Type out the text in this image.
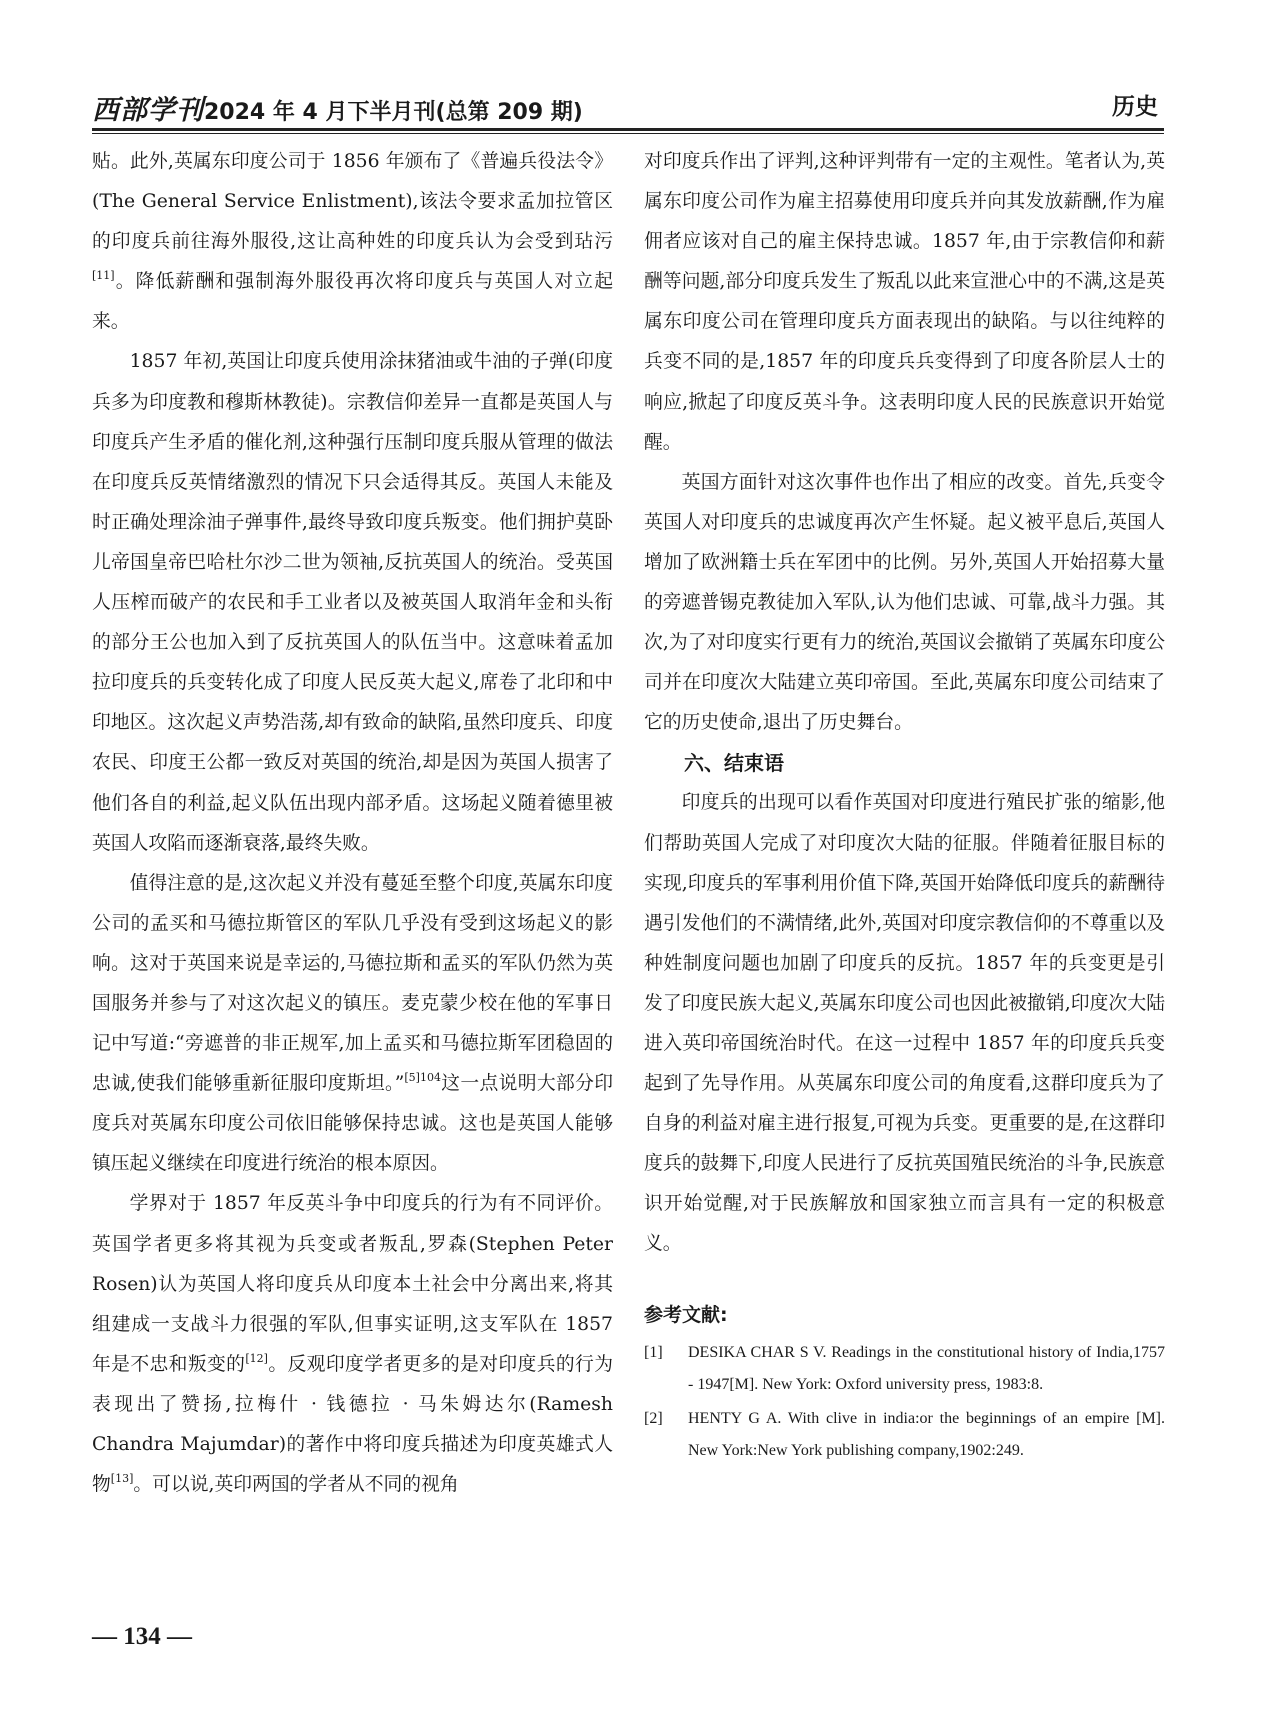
西部学刊 2024 年 4 月下半月刊(总第 209 期)	历史

贴。此外,英属东印度公司于 1856 年颁布了《普遍兵役法令》(The General Service Enlistment),该法令要求孟加拉管区的印度兵前往海外服役,这让高种姓的印度兵认为会受到玷污[11]。降低薪酬和强制海外服役再次将印度兵与英国人对立起来。

1857 年初,英国让印度兵使用涂抹猪油或牛油的子弹(印度兵多为印度教和穆斯林教徒)。宗教信仰差异一直都是英国人与印度兵产生矛盾的催化剂,这种强行压制印度兵服从管理的做法在印度兵反英情绪激烈的情况下只会适得其反。英国人未能及时正确处理涂油子弹事件,最终导致印度兵叛变。他们拥护莫卧儿帝国皇帝巴哈杜尔沙二世为领袖,反抗英国人的统治。受英国人压榨而破产的农民和手工业者以及被英国人取消年金和头衔的部分王公也加入到了反抗英国人的队伍当中。这意味着孟加拉印度兵的兵变转化成了印度人民反英大起义,席卷了北印和中印地区。这次起义声势浩荡,却有致命的缺陷,虽然印度兵、印度农民、印度王公都一致反对英国的统治,却是因为英国人损害了他们各自的利益,起义队伍出现内部矛盾。这场起义随着德里被英国人攻陷而逐渐衰落,最终失败。

值得注意的是,这次起义并没有蔓延至整个印度,英属东印度公司的孟买和马德拉斯管区的军队几乎没有受到这场起义的影响。这对于英国来说是幸运的,马德拉斯和孟买的军队仍然为英国服务并参与了对这次起义的镇压。麦克蒙少校在他的军事日记中写道:“旁遮普的非正规军,加上孟买和马德拉斯军团稳固的忠诚,使我们能够重新征服印度斯坦。”$^{[5]104}$这一点说明大部分印度兵对英属东印度公司依旧能够保持忠诚。这也是英国人能够镇压起义继续在印度进行统治的根本原因。

学界对于 1857 年反英斗争中印度兵的行为有不同评价。英国学者更多将其视为兵变或者叛乱,罗森(Stephen Peter Rosen)认为英国人将印度兵从印度本土社会中分离出来,将其组建成一支战斗力很强的军队,但事实证明,这支军队在 1857 年是不忠和叛变的[12]。反观印度学者更多的是对印度兵的行为表现出了赞扬,拉梅什 · 钱德拉 · 马朱姆达尔(Ramesh Chandra Majumdar)的著作中将印度兵描述为印度英雄式人物[13]。可以说,英印两国的学者从不同的视角

对印度兵作出了评判,这种评判带有一定的主观性。笔者认为,英属东印度公司作为雇主招募使用印度兵并向其发放薪酬,作为雇佣者应该对自己的雇主保持忠诚。1857 年,由于宗教信仰和薪酬等问题,部分印度兵发生了叛乱以此来宣泄心中的不满,这是英属东印度公司在管理印度兵方面表现出的缺陷。与以往纯粹的兵变不同的是,1857 年的印度兵兵变得到了印度各阶层人士的响应,掀起了印度反英斗争。这表明印度人民的民族意识开始觉醒。

英国方面针对这次事件也作出了相应的改变。首先,兵变令英国人对印度兵的忠诚度再次产生怀疑。起义被平息后,英国人增加了欧洲籍士兵在军团中的比例。另外,英国人开始招募大量的旁遮普锡克教徒加入军队,认为他们忠诚、可靠,战斗力强。其次,为了对印度实行更有力的统治,英国议会撤销了英属东印度公司并在印度次大陆建立英印帝国。至此,英属东印度公司结束了它的历史使命,退出了历史舞台。

六、结束语

印度兵的出现可以看作英国对印度进行殖民扩张的缩影,他们帮助英国人完成了对印度次大陆的征服。伴随着征服目标的实现,印度兵的军事利用价值下降,英国开始降低印度兵的薪酬待遇引发他们的不满情绪,此外,英国对印度宗教信仰的不尊重以及种姓制度问题也加剧了印度兵的反抗。1857 年的兵变更是引发了印度民族大起义,英属东印度公司也因此被撤销,印度次大陆进入英印帝国统治时代。在这一过程中 1857 年的印度兵兵变起到了先导作用。从英属东印度公司的角度看,这群印度兵为了自身的利益对雇主进行报复,可视为兵变。更重要的是,在这群印度兵的鼓舞下,印度人民进行了反抗英国殖民统治的斗争,民族意识开始觉醒,对于民族解放和国家独立而言具有一定的积极意义。

参考文献:
[1]	DESIKA CHAR S V. Readings in the constitutional history of India,1757 - 1947[M]. New York: Oxford university press, 1983:8.
[2]	HENTY G A. With clive in india:or the beginnings of an empire [M]. New York:New York publishing company,1902:249.
— 134 —
